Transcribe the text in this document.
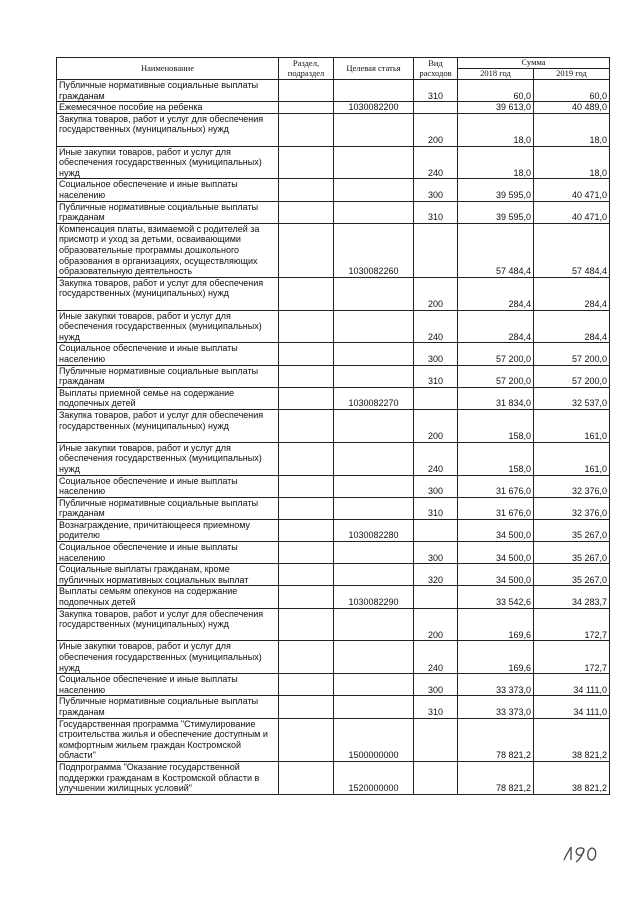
Наименование	Раздел, подраздел	Целевая статья	Вид расходов	Сумма	
				2018 год	2019 год
Публичные нормативные социальные выплаты гражданам			310	60,0	60,0
Ежемесячное пособие на ребенка		1030082200		39 613,0	40 489,0
Закупка товаров, работ и услуг для обеспечения государственных (муниципальных) нужд			200	18,0	18,0
Иные закупки товаров, работ и услуг для обеспечения государственных (муниципальных) нужд			240	18,0	18,0
Социальное обеспечение и иные выплаты населению			300	39 595,0	40 471,0
Публичные нормативные социальные выплаты гражданам			310	39 595,0	40 471,0
Компенсация платы, взимаемой с родителей за присмотр и уход за детьми, осваивающими образовательные программы дошкольного образования в организациях, осуществляющих образовательную деятельность		1030082260		57 484,4	57 484,4
Закупка товаров, работ и услуг для обеспечения государственных (муниципальных) нужд			200	284,4	284,4
Иные закупки товаров, работ и услуг для обеспечения государственных (муниципальных) нужд			240	284,4	284,4
Социальное обеспечение и иные выплаты населению			300	57 200,0	57 200,0
Публичные нормативные социальные выплаты гражданам			310	57 200,0	57 200,0
Выплаты приемной семье на содержание подопечных детей		1030082270		31 834,0	32 537,0
Закупка товаров, работ и услуг для обеспечения государственных (муниципальных) нужд			200	158,0	161,0
Иные закупки товаров, работ и услуг для обеспечения государственных (муниципальных) нужд			240	158,0	161,0
Социальное обеспечение и иные выплаты населению			300	31 676,0	32 376,0
Публичные нормативные социальные выплаты гражданам			310	31 676,0	32 376,0
Вознаграждение, причитающееся приемному родителю		1030082280		34 500,0	35 267,0
Социальное обеспечение и иные выплаты населению			300	34 500,0	35 267,0
Социальные выплаты гражданам, кроме публичных нормативных социальных выплат			320	34 500,0	35 267,0
Выплаты семьям опекунов на содержание подопечных детей		1030082290		33 542,6	34 283,7
Закупка товаров, работ и услуг для обеспечения государственных (муниципальных) нужд			200	169,6	172,7
Иные закупки товаров, работ и услуг для обеспечения государственных (муниципальных) нужд			240	169,6	172,7
Социальное обеспечение и иные выплаты населению			300	33 373,0	34 111,0
Публичные нормативные социальные выплаты гражданам			310	33 373,0	34 111,0
Государственная программа "Стимулирование строительства жилья и обеспечение доступным и комфортным жильем граждан Костромской области"		1500000000		78 821,2	38 821,2
Подпрограмма "Оказание государственной поддержки гражданам в Костромской области в улучшении жилищных условий"		1520000000		78 821,2	38 821,2
